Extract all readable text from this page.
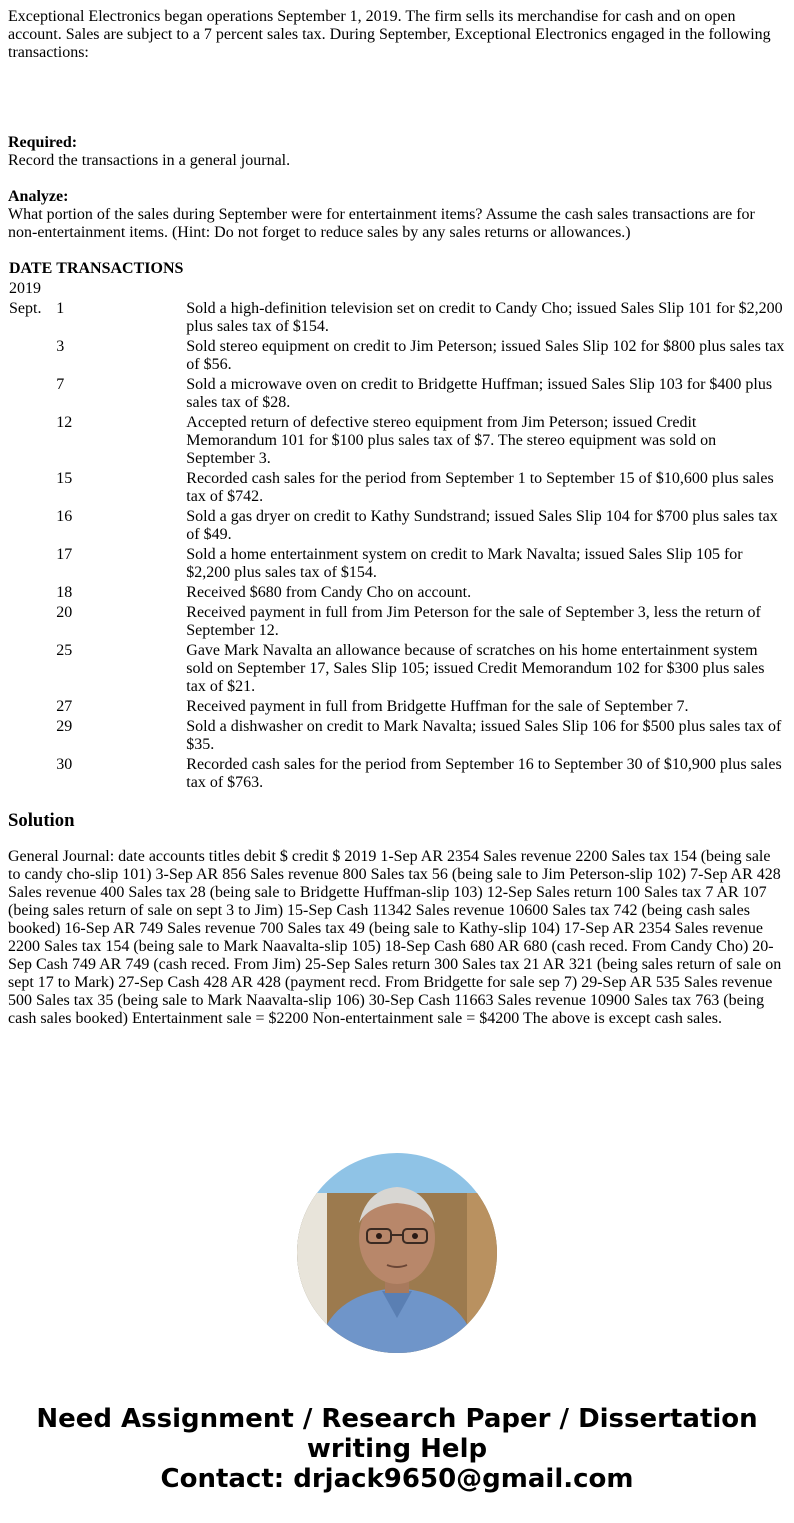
Exceptional Electronics began operations September 1, 2019. The firm sells its merchandise for cash and on open account. Sales are subject to a 7 percent sales tax. During September, Exceptional Electronics engaged in the following transactions:

Required:
Record the transactions in a general journal.

Analyze:
What portion of the sales during September were for entertainment items? Assume the cash sales transactions are for non-entertainment items. (Hint: Do not forget to reduce sales by any sales returns or allowances.)

DATE	TRANSACTIONS	
2019		
Sept.	1	Sold a high-definition television set on credit to Candy Cho; issued Sales Slip 101 for $2,200 plus sales tax of $154.
	3	Sold stereo equipment on credit to Jim Peterson; issued Sales Slip 102 for $800 plus sales tax of $56.
	7	Sold a microwave oven on credit to Bridgette Huffman; issued Sales Slip 103 for $400 plus sales tax of $28.
	12	Accepted return of defective stereo equipment from Jim Peterson; issued Credit Memorandum 101 for $100 plus sales tax of $7. The stereo equipment was sold on September 3.
	15	Recorded cash sales for the period from September 1 to September 15 of $10,600 plus sales tax of $742.
	16	Sold a gas dryer on credit to Kathy Sundstrand; issued Sales Slip 104 for $700 plus sales tax of $49.
	17	Sold a home entertainment system on credit to Mark Navalta; issued Sales Slip 105 for $2,200 plus sales tax of $154.
	18	Received $680 from Candy Cho on account.
	20	Received payment in full from Jim Peterson for the sale of September 3, less the return of September 12.
	25	Gave Mark Navalta an allowance because of scratches on his home entertainment system sold on September 17, Sales Slip 105; issued Credit Memorandum 102 for $300 plus sales tax of $21.
	27	Received payment in full from Bridgette Huffman for the sale of September 7.
	29	Sold a dishwasher on credit to Mark Navalta; issued Sales Slip 106 for $500 plus sales tax of $35.
	30	Recorded cash sales for the period from September 16 to September 30 of $10,900 plus sales tax of $763.
Solution

General Journal: date accounts titles debit $ credit $ 2019 1-Sep AR 2354 Sales revenue 2200 Sales tax 154 (being sale to candy cho-slip 101) 3-Sep AR 856 Sales revenue 800 Sales tax 56 (being sale to Jim Peterson-slip 102) 7-Sep AR 428 Sales revenue 400 Sales tax 28 (being sale to Bridgette Huffman-slip 103) 12-Sep Sales return 100 Sales tax 7 AR 107 (being sales return of sale on sept 3 to Jim) 15-Sep Cash 11342 Sales revenue 10600 Sales tax 742 (being cash sales booked) 16-Sep AR 749 Sales revenue 700 Sales tax 49 (being sale to Kathy-slip 104) 17-Sep AR 2354 Sales revenue 2200 Sales tax 154 (being sale to Mark Naavalta-slip 105) 18-Sep Cash 680 AR 680 (cash reced. From Candy Cho) 20-Sep Cash 749 AR 749 (cash reced. From Jim) 25-Sep Sales return 300 Sales tax 21 AR 321 (being sales return of sale on sept 17 to Mark) 27-Sep Cash 428 AR 428 (payment recd. From Bridgette for sale sep 7) 29-Sep AR 535 Sales revenue 500 Sales tax 35 (being sale to Mark Naavalta-slip 106) 30-Sep Cash 11663 Sales revenue 10900 Sales tax 763 (being cash sales booked) Entertainment sale = $2200 Non-entertainment sale = $4200 The above is except cash sales.

Need Assignment / Research Paper / Dissertation
writing Help
Contact: drjack9650@gmail.com
